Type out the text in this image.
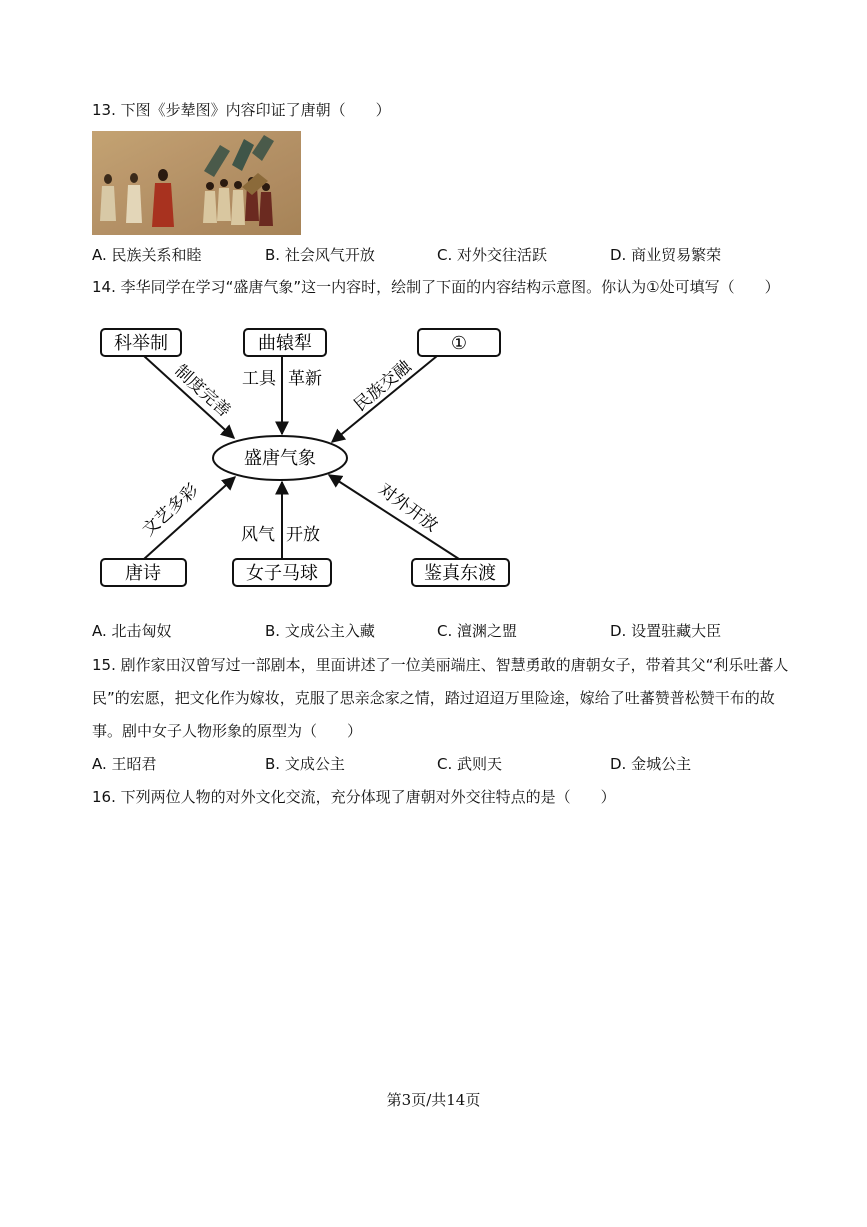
13. 下图《步辇图》内容印证了唐朝（　　）
A. 民族关系和睦	B. 社会风气开放	C. 对外交往活跃	D. 商业贸易繁荣
14. 李华同学在学习“盛唐气象”这一内容时，绘制了下面的内容结构示意图。你认为①处可填写（　　）
科举制	曲辕犁	①
盛唐气象
唐诗	女子马球	鉴真东渡
制度完善 工具 革新 民族交融
文艺多彩 风气 开放	对外开放
A. 北击匈奴	B. 文成公主入藏	C. 澶渊之盟	D. 设置驻藏大臣
15. 剧作家田汉曾写过一部剧本，里面讲述了一位美丽端庄、智慧勇敢的唐朝女子，带着其父“利乐吐蕃人
民”的宏愿，把文化作为嫁妆，克服了思亲念家之情，踏过迢迢万里险途，嫁给了吐蕃赞普松赞干布的故
事。剧中女子人物形象的原型为（　　）
A. 王昭君	B. 文成公主	C. 武则天	D. 金城公主
16. 下列两位人物的对外文化交流，充分体现了唐朝对外交往特点的是（　　）
第3页/共14页
